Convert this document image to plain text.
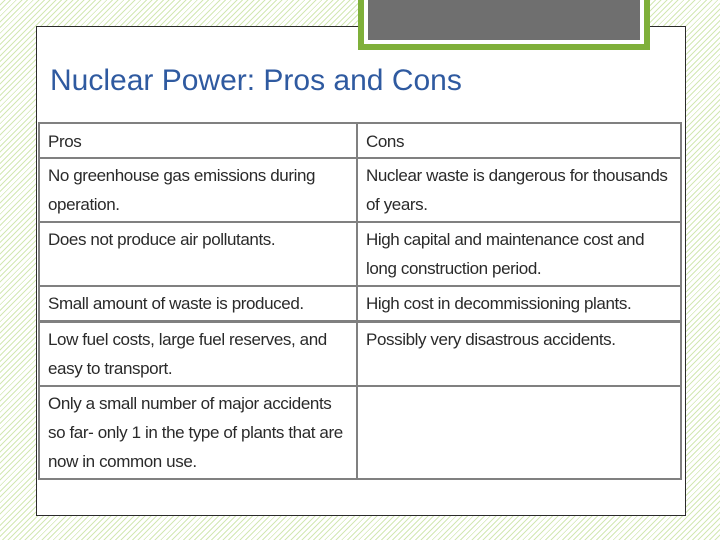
Nuclear Power: Pros and Cons
Pros	Cons
No greenhouse gas emissions during operation.	Nuclear waste is dangerous for thousands of years.
Does not produce air pollutants.	High capital and maintenance cost and long construction period.
Small amount of waste is produced.	High cost in decommissioning plants.
Low fuel costs, large fuel reserves, and easy to transport.	Possibly very disastrous accidents.
Only a small number of major accidents so far- only 1 in the type of plants that are now in common use.	
